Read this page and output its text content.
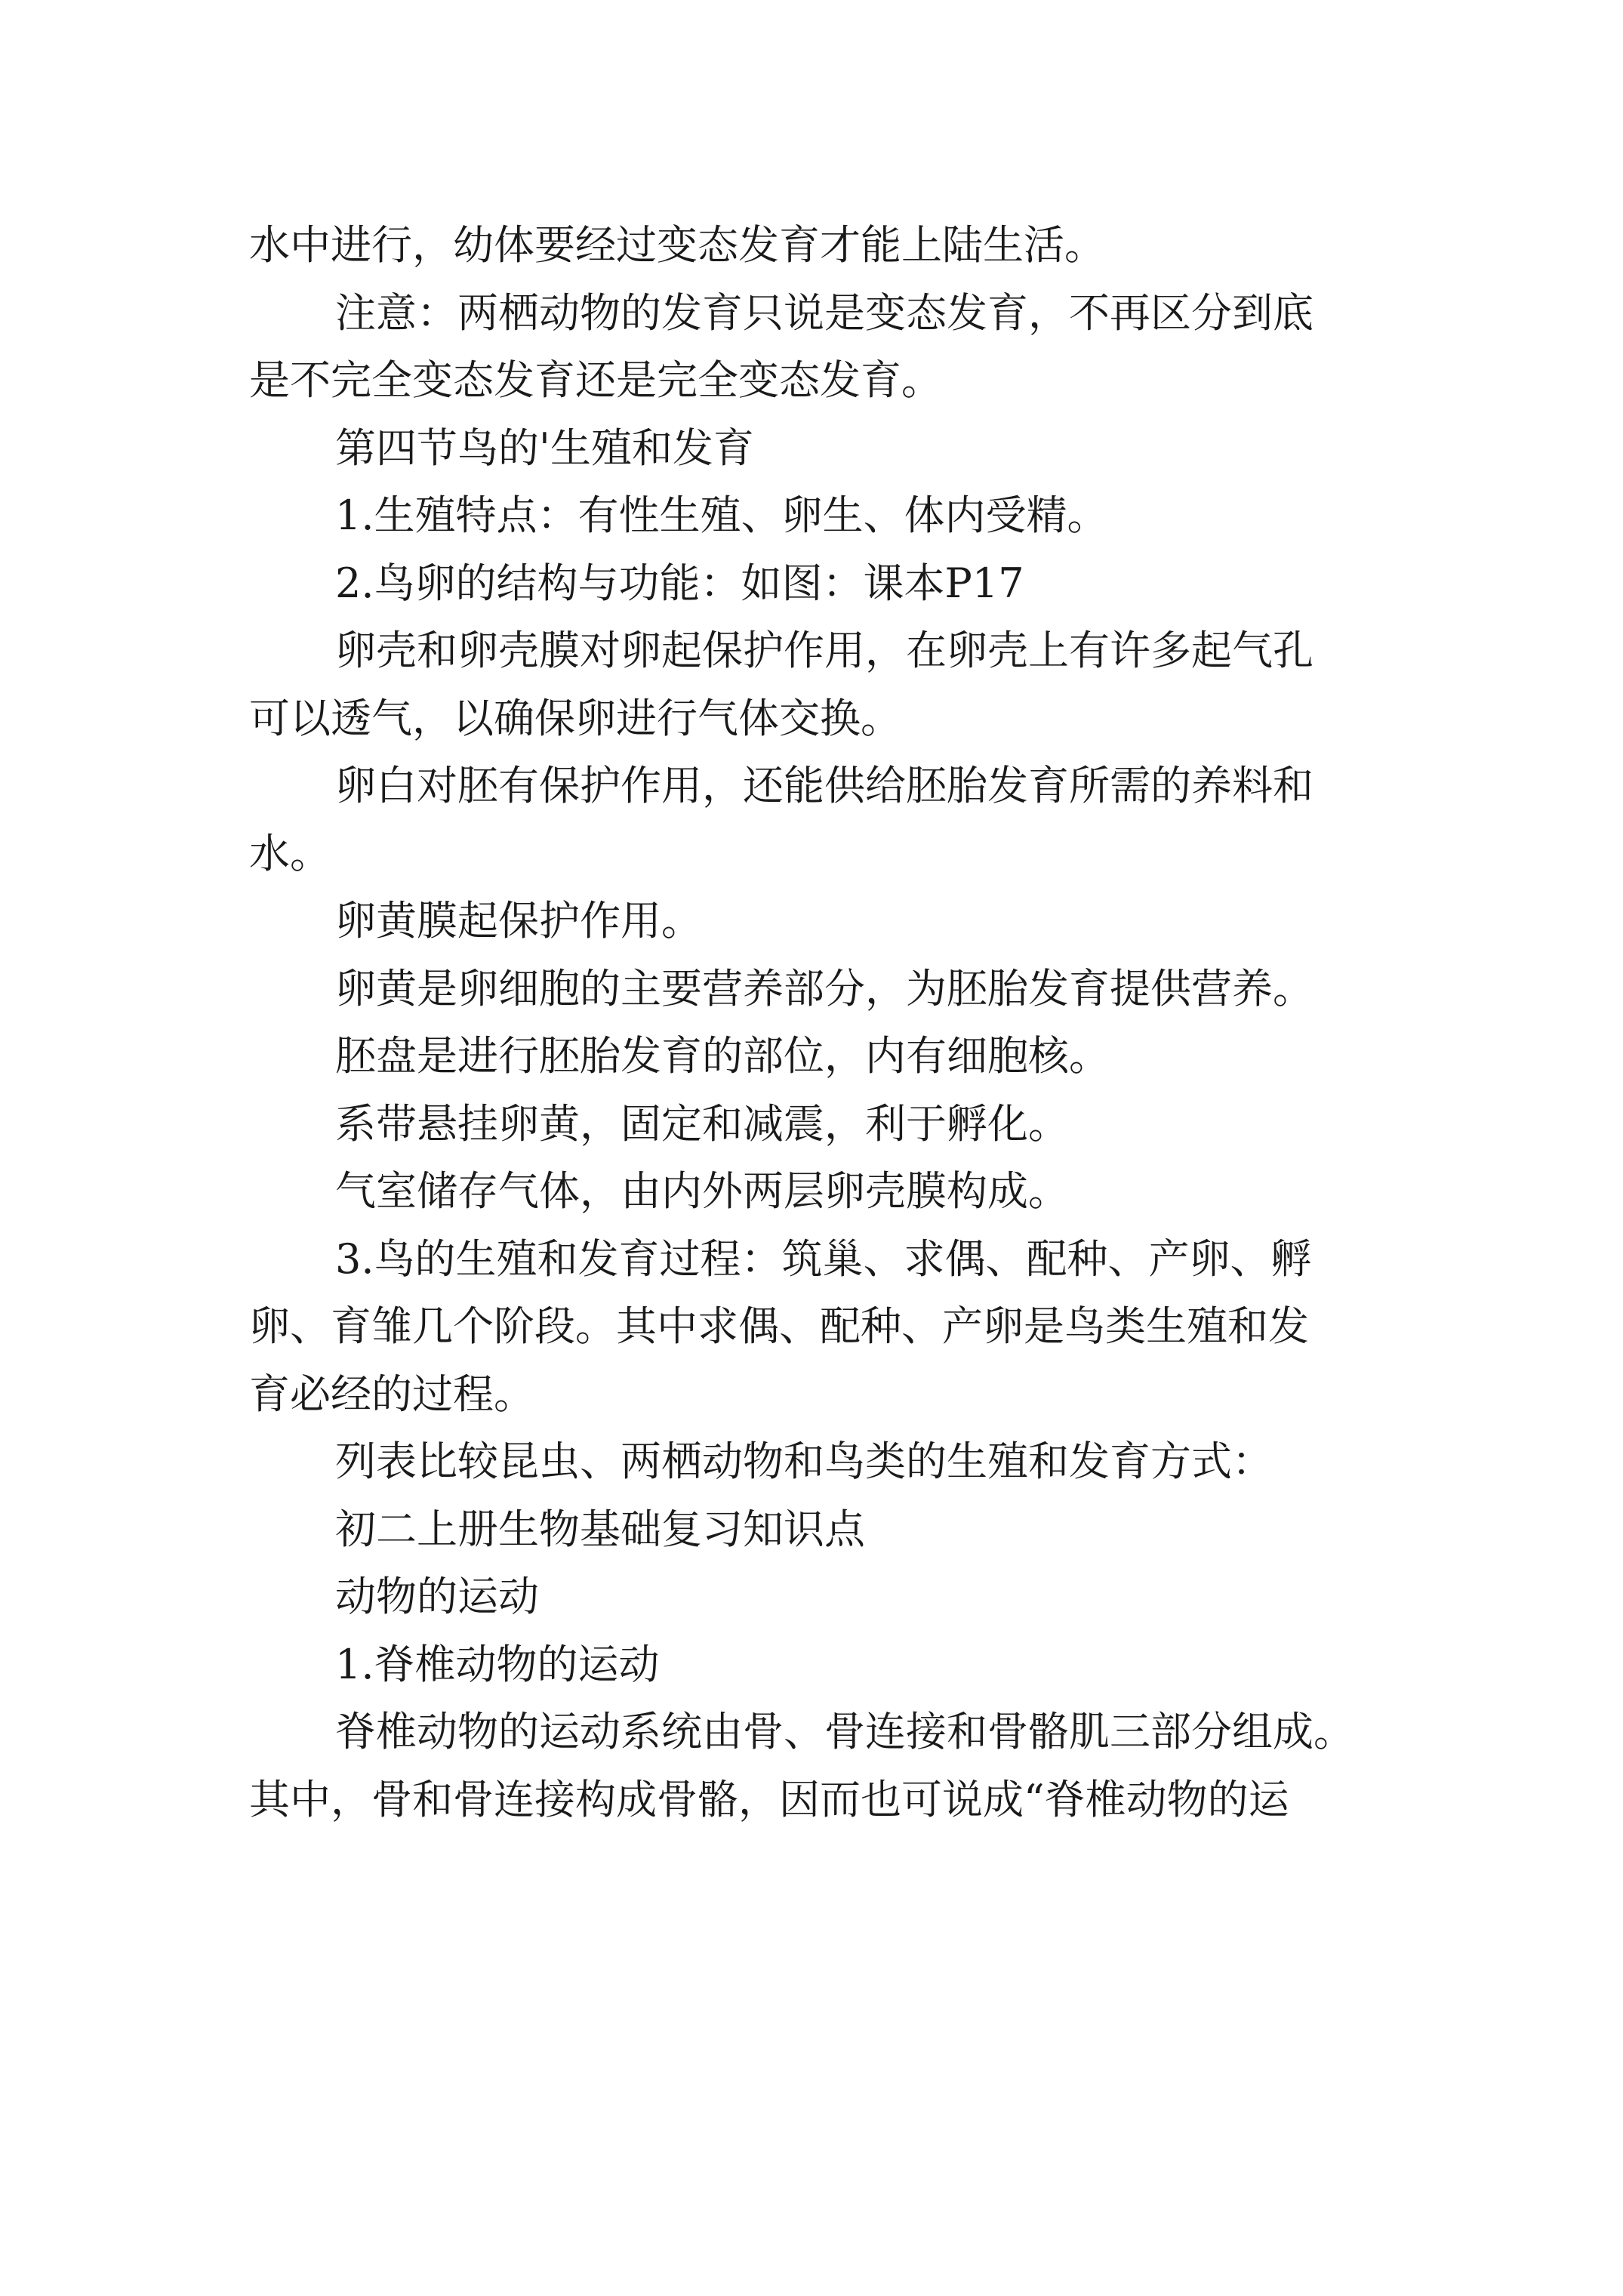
水中进行，幼体要经过变态发育才能上陆生活。
注意：两栖动物的发育只说是变态发育，不再区分到底
是不完全变态发育还是完全变态发育。
第四节鸟的'生殖和发育
1.生殖特点：有性生殖、卵生、体内受精。
2.鸟卵的结构与功能：如图：课本P17
卵壳和卵壳膜对卵起保护作用，在卵壳上有许多起气孔
可以透气，以确保卵进行气体交换。
卵白对胚有保护作用，还能供给胚胎发育所需的养料和
水。
卵黄膜起保护作用。
卵黄是卵细胞的主要营养部分，为胚胎发育提供营养。
胚盘是进行胚胎发育的部位，内有细胞核。
系带悬挂卵黄，固定和减震，利于孵化。
气室储存气体，由内外两层卵壳膜构成。
3.鸟的生殖和发育过程：筑巢、求偶、配种、产卵、孵
卵、育雏几个阶段。其中求偶、配种、产卵是鸟类生殖和发
育必经的过程。
列表比较昆虫、两栖动物和鸟类的生殖和发育方式：
初二上册生物基础复习知识点
动物的运动
1.脊椎动物的运动
脊椎动物的运动系统由骨、骨连接和骨骼肌三部分组成。
其中，骨和骨连接构成骨骼，因而也可说成“脊椎动物的运
